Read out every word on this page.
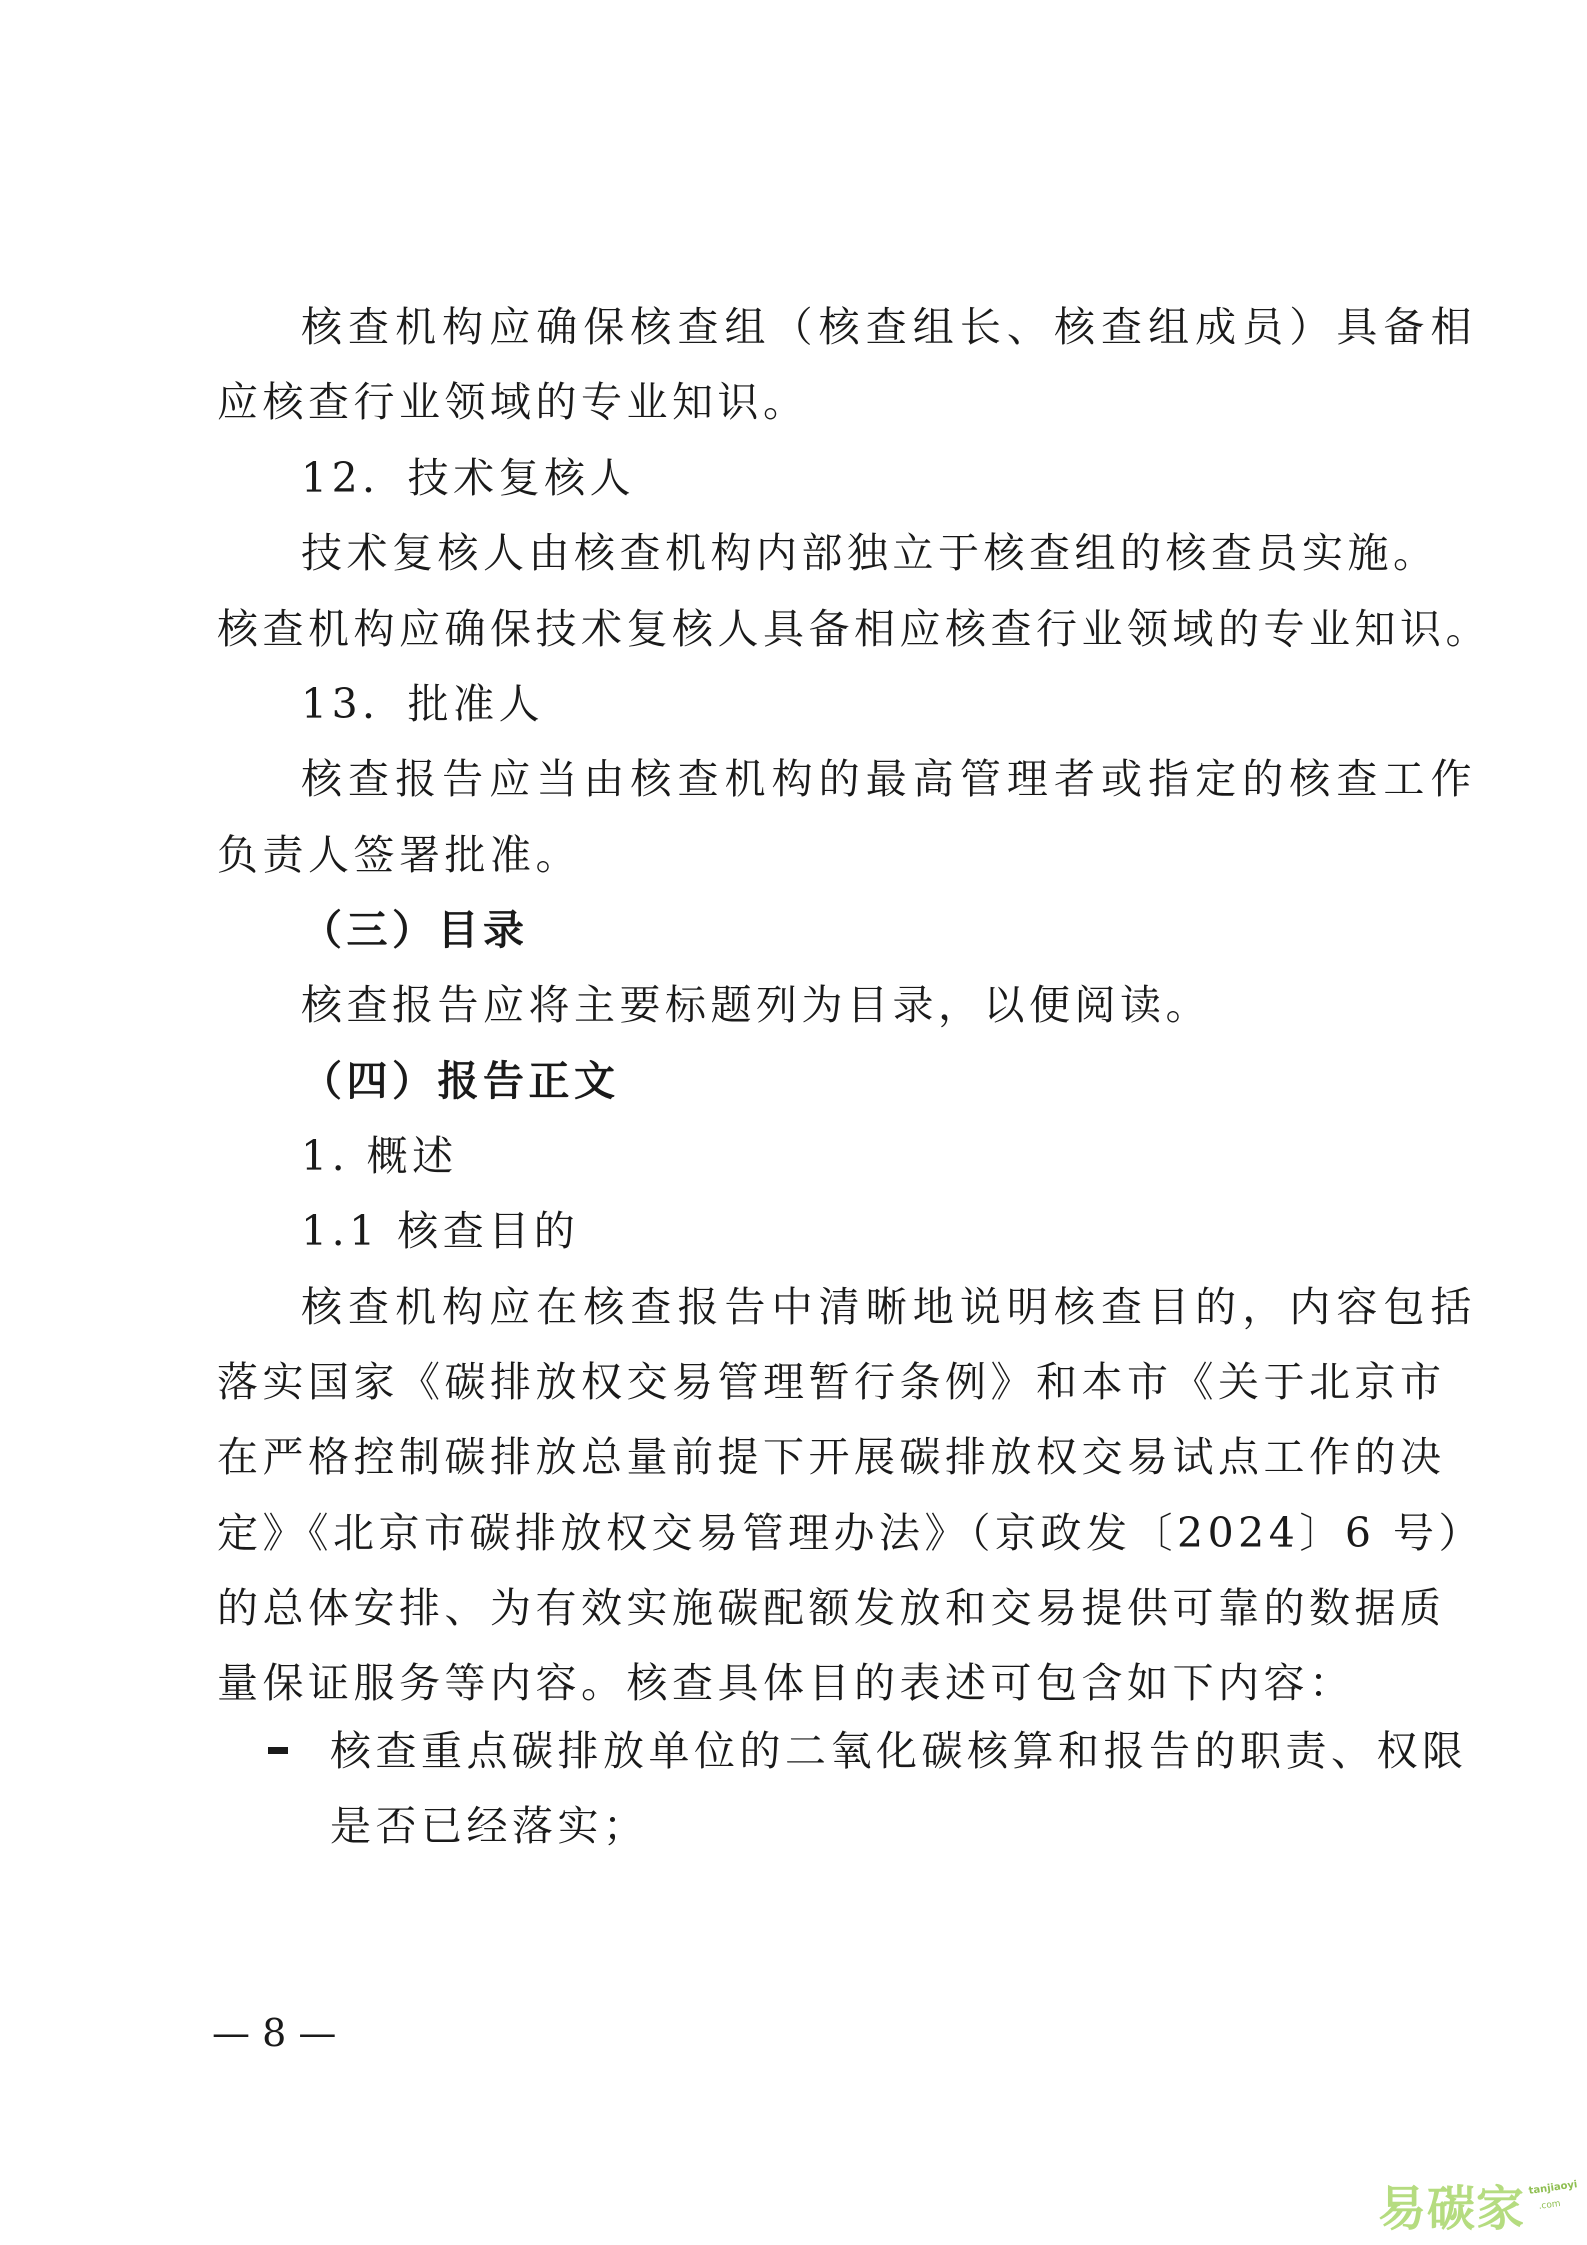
核查机构应确保核查组（核查组长、核查组成员）具备相
应核查行业领域的专业知识。
12．技术复核人
技术复核人由核查机构内部独立于核查组的核查员实施。
核查机构应确保技术复核人具备相应核查行业领域的专业知识。
13．批准人
核查报告应当由核查机构的最高管理者或指定的核查工作
负责人签署批准。
（三）目录
核查报告应将主要标题列为目录，以便阅读。
（四）报告正文
1. 概述
1.1 核查目的
核查机构应在核查报告中清晰地说明核查目的，内容包括
落实国家《碳排放权交易管理暂行条例》和本市《关于北京市
在严格控制碳排放总量前提下开展碳排放权交易试点工作的决
定》《北京市碳排放权交易管理办法》（京政发〔2024〕6 号）
的总体安排、为有效实施碳配额发放和交易提供可靠的数据质
量保证服务等内容。核查具体目的表述可包含如下内容：
核查重点碳排放单位的二氧化碳核算和报告的职责、权限
是否已经落实；
— 8 —
易碳家 tanjiaoyi
.com
